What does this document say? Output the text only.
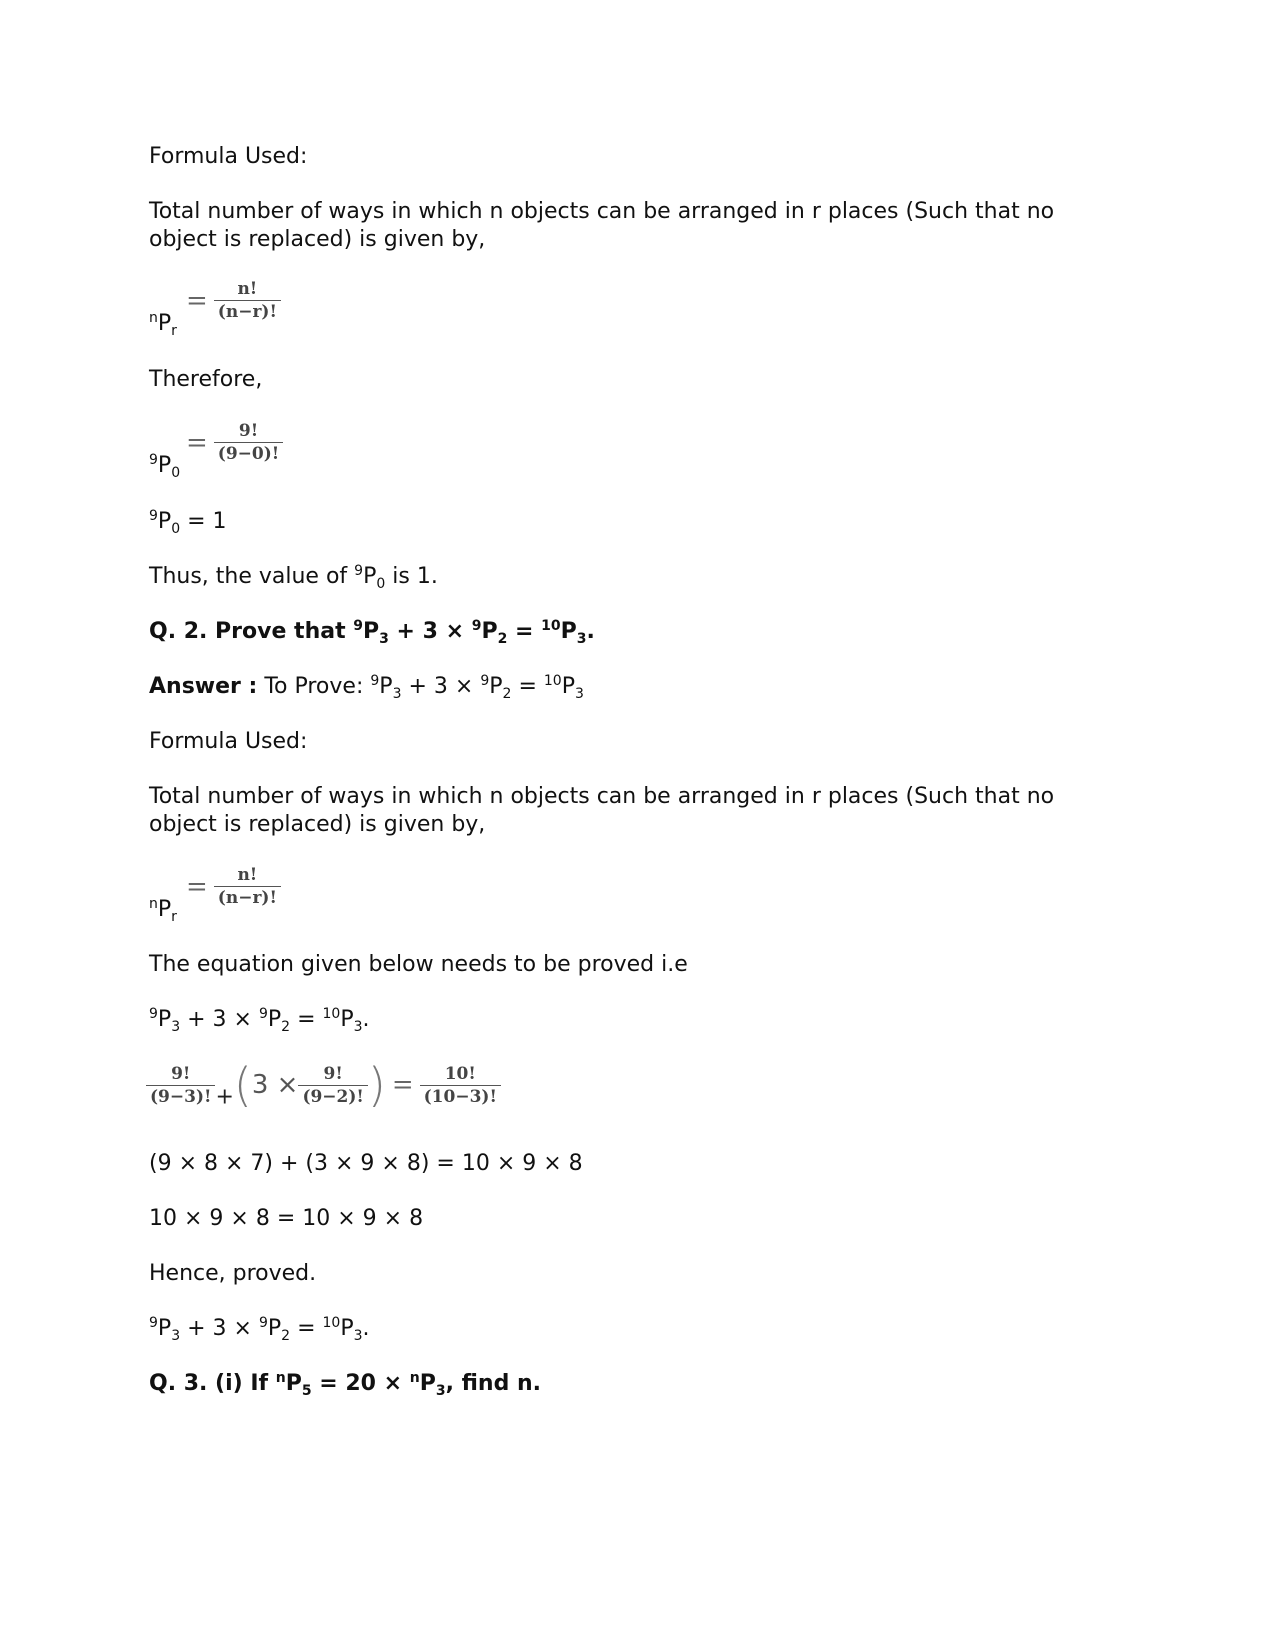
Formula Used:
Total number of ways in which n objects can be arranged in r places (Such that no object is replaced) is given by,
$^nP_r$
= $\frac{n!}{(n-r)!}$
Therefore,
$^9P_0$
= $\frac{9!}{(9-0)!}$
$^9P_0 = 1$
Thus, the value of $^9P_0$ is 1.
Q. 2. Prove that $^9P_3 + 3 \times ^9P_2 = ^{10}P_3$.
Answer : To Prove: $^9P_3 + 3 \times ^9P_2 = ^{10}P_3$
Formula Used:
Total number of ways in which n objects can be arranged in r places (Such that no object is replaced) is given by,
$^nP_r$
= $\frac{n!}{(n-r)!}$
The equation given below needs to be proved i.e
$^9P_3 + 3 \times ^9P_2 = ^{10}P_3$.
$\frac{9!}{(9-3)!} +(3 \times \frac{9!}{(9-2)!}$ ) = $\frac{10!}{(10-3)!}$
(9 × 8 × 7) + (3 × 9 × 8) = 10 × 9 × 8
10 × 9 × 8 = 10 × 9 × 8
Hence, proved.
$^9P_3 + 3 \times ^9P_2 = ^{10}P_3$.
Q. 3. (i) If $^nP_5 = 20 \times ^nP_3$, find n.
